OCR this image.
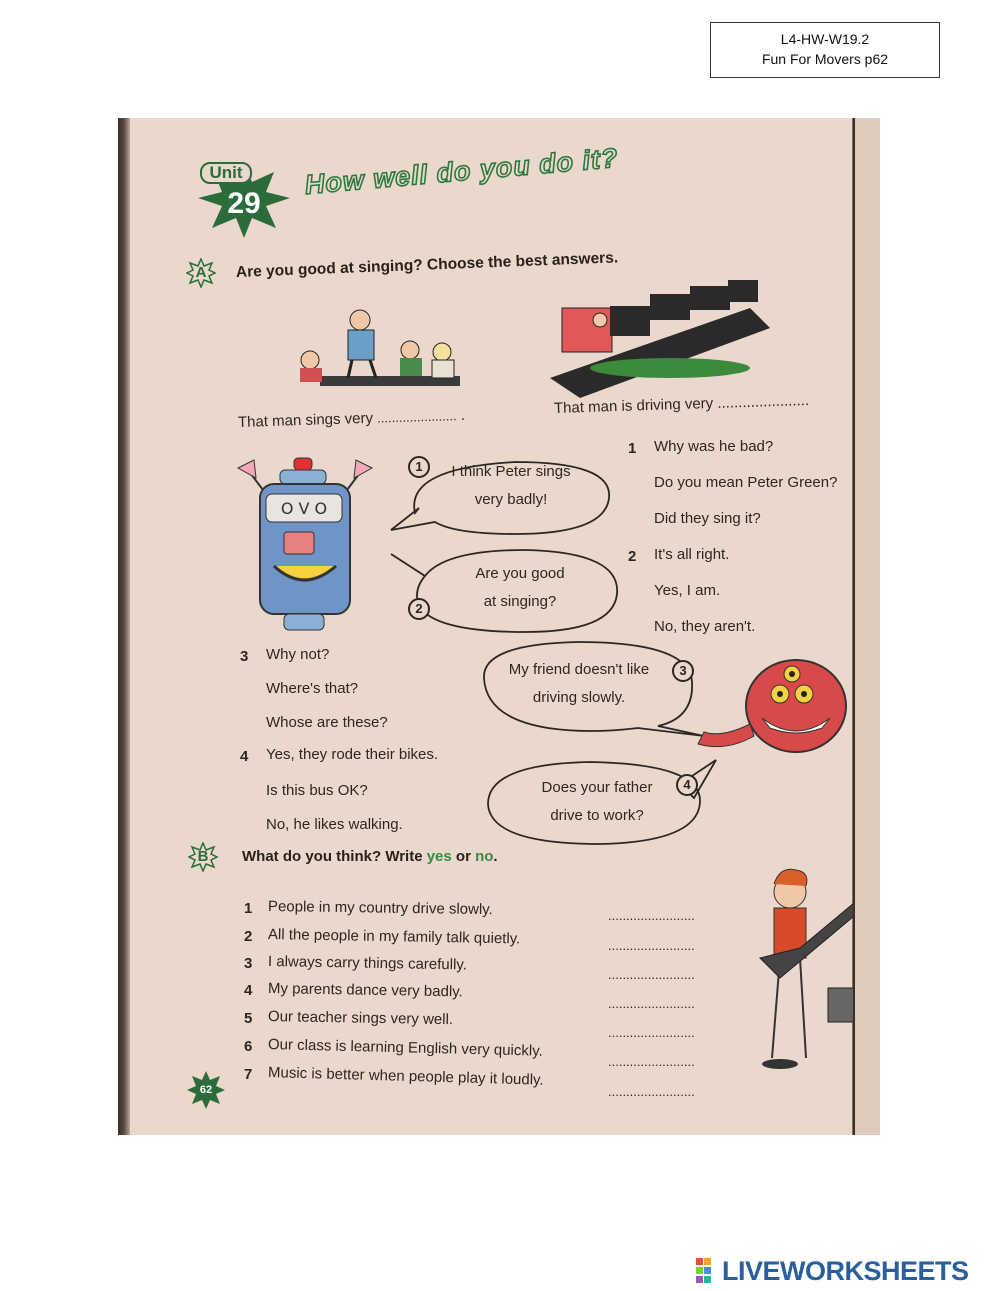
L4-HW-W19.2
Fun For Movers p62
Unit
29
How well do you do it?
A	Are you good at singing? Choose the best answers.
That man sings very ...................... .	That man is driving very ......................
O V O
1	I think Peter sings
very badly!
2
Are you good
at singing?
1 Why was he bad?
Do you mean Peter Green?
Did they sing it?
2 It's all right.
Yes, I am.
No, they aren't.
3 Why not?
Where's that?
Whose are these?
3
My friend doesn't like
driving slowly.
4 Yes, they rode their bikes.
Is this bus OK?
No, he likes walking.
4
Does your father
drive to work?
B	What do you think? Write yes or no.
1 People in my country drive slowly.	........................
2 All the people in my family talk quietly.	........................
3 I always carry things carefully.
........................
4 My parents dance very badly.
........................
5 Our teacher sings very well.
........................
6 Our class is learning English very quickly.
........................
7 Music is better when people play it loudly.
........................
62
LIVEWORKSHEETS
